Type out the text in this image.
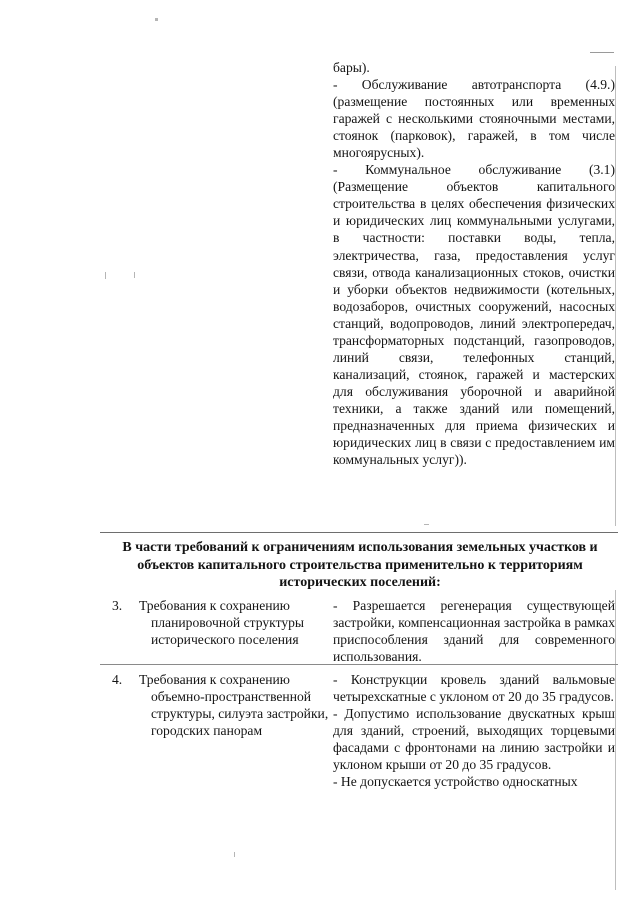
бары).

- Обслуживание автотранспорта (4.9.) (размещение постоянных или временных гаражей с несколькими стояночными местами, стоянок (парковок), гаражей, в том числе многоярусных).

- Коммунальное обслуживание (3.1) (Размещение объектов капитального строительства в целях обеспечения физических и юридических лиц коммунальными услугами, в частности: поставки воды, тепла, электричества, газа, предоставления услуг связи, отвода канализационных стоков, очистки и уборки объектов недвижимости (котельных, водозаборов, очистных сооружений, насосных станций, водопроводов, линий электропередач, трансформаторных подстанций, газопроводов, линий связи, телефонных станций, канализаций, стоянок, гаражей и мастерских для обслуживания уборочной и аварийной техники, а также зданий или помещений, предназначенных для приема физических и юридических лиц в связи с предоставлением им коммунальных услуг)).

В части требований к ограничениям использования земельных участков и объектов капитального строительства применительно к территориям исторических поселений:

3. Требования к сохранению планировочной структуры исторического поселения

- Разрешается регенерация существующей застройки, компенсационная застройка в рамках приспособления зданий для современного использования.

4. Требования к сохранению объемно-пространственной структуры, силуэта застройки, городских панорам

- Конструкции кровель зданий вальмовые четырехскатные с уклоном от 20 до 35 градусов.

- Допустимо использование двускатных крыш для зданий, строений, выходящих торцевыми фасадами с фронтонами на линию застройки и уклоном крыши от 20 до 35 градусов.

- Не допускается устройство односкатных
